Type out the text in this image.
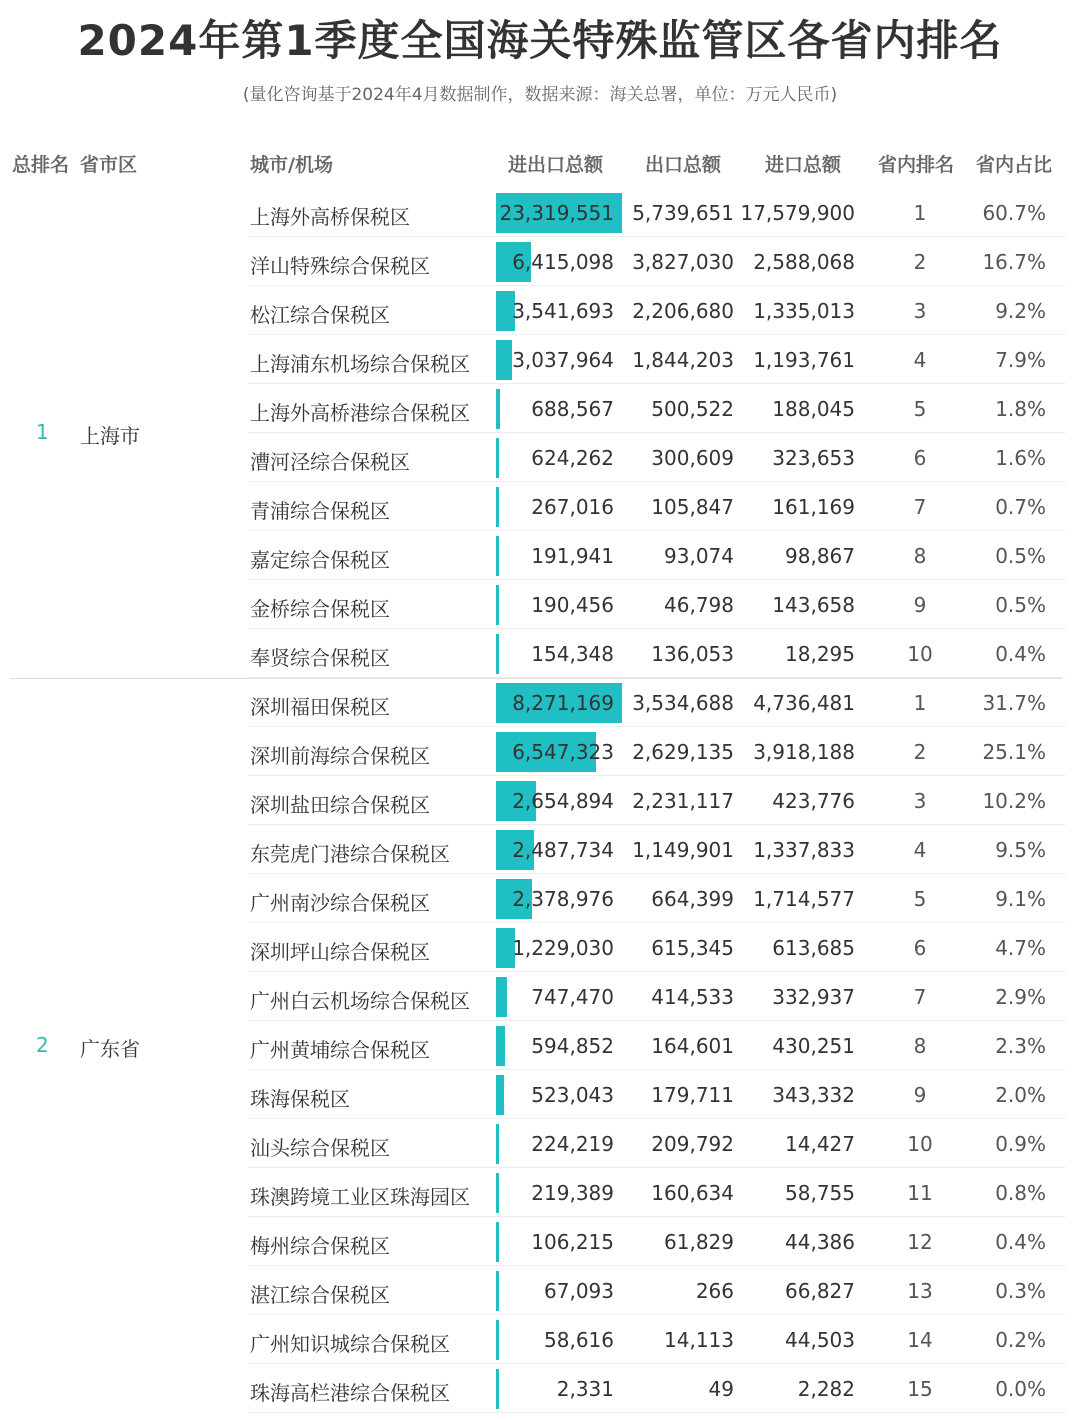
2024年第1季度全国海关特殊监管区各省内排名
(量化咨询基于2024年4月数据制作，数据来源：海关总署，单位：万元人民币)
总排名 省市区	城市/机场	进出口总额 出口总额 进口总额 省内排名 省内占比
上海外高桥保税区	23,319,551 5,739,651 17,579,900	1	60.7%
洋山特殊综合保税区	6,415,098 3,827,030 2,588,068	2	16.7%
松江综合保税区	3,541,693 2,206,680 1,335,013	3	9.2%
上海浦东机场综合保税区 3,037,964 1,844,203 1,193,761	4	7.9%
上海外高桥港综合保税区	688,567 500,522 188,045	5	1.8%
漕河泾综合保税区	624,262 300,609 323,653	6	1.6%
青浦综合保税区	267,016 105,847 161,169	7	0.7%
嘉定综合保税区	191,941	93,074	98,867	8	0.5%
金桥综合保税区	190,456	46,798 143,658	9	0.5%
奉贤综合保税区	154,348 136,053	18,295	10	0.4%
1 上海市
深圳福田保税区	8,271,169 3,534,688 4,736,481	1	31.7%
深圳前海综合保税区	6,547,323 2,629,135 3,918,188	2	25.1%
深圳盐田综合保税区	2,654,894 2,231,117 423,776	3	10.2%
东莞虎门港综合保税区	2,487,734 1,149,901 1,337,833	4	9.5%
广州南沙综合保税区	2,378,976 664,399 1,714,577	5	9.1%
深圳坪山综合保税区	1,229,030 615,345 613,685	6	4.7%
广州白云机场综合保税区	747,470 414,533 332,937	7	2.9%
广州黄埔综合保税区	594,852 164,601 430,251	8	2.3%
珠海保税区	523,043 179,711 343,332	9	2.0%
汕头综合保税区	224,219 209,792	14,427	10	0.9%
珠澳跨境工业区珠海园区	219,389 160,634	58,755	11	0.8%
梅州综合保税区	106,215	61,829	44,386	12	0.4%
湛江综合保税区	67,093	266	66,827	13	0.3%
广州知识城综合保税区	58,616	14,113	44,503	14	0.2%
珠海高栏港综合保税区	2,331	49	2,282	15	0.0%
2 广东省
